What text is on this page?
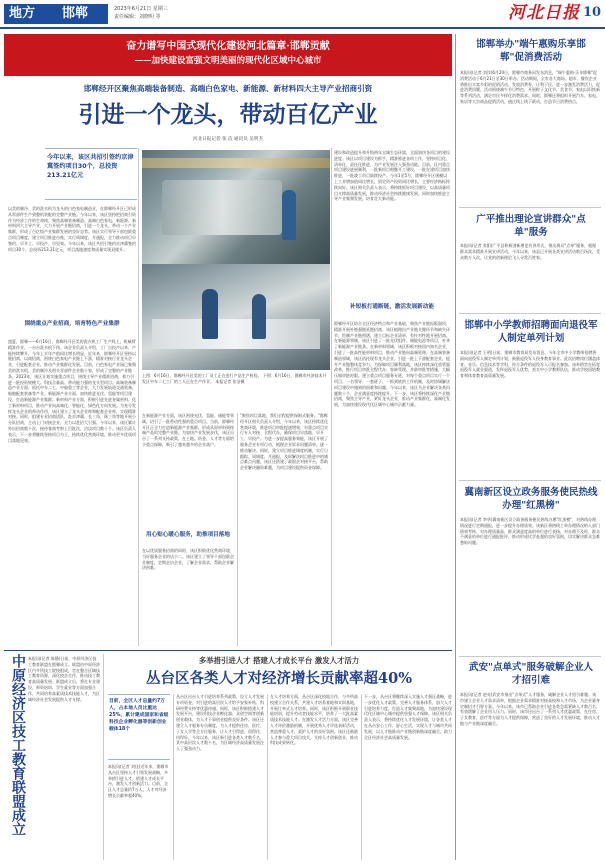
地方 邯郸	2023年6月21日 星期三
责任编辑：刘晓明 等	河北日报 10
奋力谱写中国式现代化建设河北篇章·邯郸贡献
——加快建设富强文明美丽的现代化区域中心城市
邯郸经开区聚焦高端装备制造、高端白色家电、新能源、新材料四大主导产业招商引资
引进一个龙头，带动百亿产业
河北日报记者 张 洁 通讯员 吴明杰
今年以来，该区共招引签约京津冀签约项目30个，总投资213.21亿元
以美的制冷、美的洗衣机为龙头的白色家电制造业，在邯郸经开区已形成从零部件生产到整机装配的完整产业链。今年以来，该区坚持把招商引资作为经济工作的生命线，聚焦高端装备制造、高端白色家电、新能源、新材料四大主导产业，大力开展产业链招商，引进一个龙头，带动一个产业集群，形成了百亿级产业集群发展的良好态势。该区实行领导干部包联重点项目制度，建立项目推进台账，实行周调度、月通报，全力推动项目早签约、早开工、早投产、早见效。今年以来，该区共招引签约京津冀签约项目30个，总投资213.21亿元，项目落地速度和质量实现双提升。
围绕重点产业招商，培育特色产业集群
盛夏，邯郸——6月16日，邯郸经开区美的洗衣机工厂生产线上，机械臂精准作业，一台台洗衣机下线。该企业负责人介绍，工厂自投产以来，产能持续攀升，今年上半年产值同比增长明显。近年来，邯郸经开区坚持以链招商、以商招商，围绕白色家电产业链上下游，精准对接行业龙头企业，引进配套企业，推动产业集群化发展。目前，白色家电产业园已集聚美的洗衣机、美的制冷及相关零部件企业数十家，形成了完整的产业链条。2023年，该区计划实施重点项目，围绕主导产业精准招商，着力引进一批投资规模大、科技含量高、带动能力强的龙头型项目。高端装备制造产业方面，依托中车二七、中船重工等企业，大力发展轨道交通装备、船舶配套装备等产业。新能源产业方面，加快推进光伏、氢能等项目建设，打造新能源产业集群。新材料产业方面，积极引进先进金属材料、化工新材料项目，推动产业向高端化、智能化、绿色化方向发展。为充分发挥龙头企业的带动作用，该区建立了龙头企业库和配套企业库，实现精准对接。同时，组建专业招商团队，赴京津冀、长三角、珠三角等地开展小分队招商，主动上门对接企业，全力以赴招大引强。今年以来，该区累计外出招商数十次，接待客商考察上百批次，洽谈项目数十个。该区负责人表示，下一步将继续坚持项目为王，持续优化营商环境，推动更多优质项目落地见效。
上图：6月16日，邯郸经开区美的工厂员工正在进行产品生产检验。 下图：6月16日，邯郸市经济技术开发区中车二七工厂的工人正在生产作业。 本报记者 张洁摄
建设和改造提升和升级两年全域生态环境，全面加快各项目的建设进度。该区以项目建设为抓手，精准推进各项工作，坚持项目化、清单化、责任化推进，为产业发展注入强劲动能。目前，区内重点项目建设进展顺利，一批新项目相继开工建设，一批在建项目加快推进，一批竣工项目陆续投产。今年1至5月，邯郸经开区规模以上工业增加值同比增长，固定资产投资同比增长，主要经济指标持续向好。该区相关负责人表示，将持续抓好项目建设，以高质量项目支撑高质量发展，推动经济社会持续健康发展。同时加快推进主导产业集聚发展，培育壮大新动能。
补短板打通断链，激活发展新动能
邯郸经开区结合全区经济特点和产业基础，聚焦产业链短板弱项，精准开展补链强链延链招商。该区梳理出产业链关键环节和缺失环节，绘制产业链图谱，建立目标企业清单，有针对性地开展招商。在新能源领域，该区引进了一批光伏组件、储能电池等项目，补齐了新能源产业链条。在新材料领域，该区积极对接国内知名企业，引进了一批高性能材料项目，推动产业链向高端延伸。在高端装备制造领域，该区依托现有龙头企业，引进一批上下游配套企业，提升产业链整体竞争力。为保障项目顺利落地，该区持续深化放管服改革，推行项目审批全程代办、容缺受理、并联审批等措施，大幅压缩审批时限。建立重点项目服务专班，对每个重点项目实行一个项目、一名领导、一套班子、一抓到底的工作机制，及时协调解决项目建设中遇到的困难和问题。今年以来，该区为企业解决各类问题数十个，企业满意度持续提升。下一步，该区将持续深化产业链招商，聚焦主导产业，紧盯龙头企业，推动产业集群化、高端化发展，为加快建设现代化区域中心城市贡献力量。
在新能源产业方面，该区围绕光伏、氢能、储能等领域，招引了一批带动性强的重点项目。当前，邯郸经开区正全力打造新能源产业集群，形成从原材料到终端产品的完整产业链。为加快产业发展步伐，该区出台了一系列支持政策，在土地、资金、人才等方面给予重点保障，吸引了越来越多的企业落户。
用心贴心暖心服务，助推项目落地
在以优质服务招商的同时，该区积极优化营商环境，当好服务企业的店小二。该区建立了领导干部包联企业制度，定期走访企业，了解企业需求，帮助企业解决困难。
"聚焦项目落地，我们全程提供保姆式服务。"邯郸经开区相关负责人介绍，今年以来，该区持续优化营商环境，推进项目审批提速增效，对重点项目实行专人对接、全程代办，确保项目早落地、早开工、早投产。为进一步提高服务效能，该区开展了服务企业专项行动，梳理企业诉求问题清单，逐一推动解决。同时，建立项目推进调度机制，实行日跟踪、周调度、月通报，及时解决项目推进中的堵点难点问题。该区还搭建了政银企对接平台，帮助企业解决融资难题，为项目建设提供资金保障。
邯郸举办"端午惠购乐享邯郸"促消费活动
本报讯(记者 刘洋)6月20日，邯郸市商务局发布消息，"端午惠购·乐享邯郸"促消费活动于6月21日至30日举办。活动期间，全市各大商场、超市、餐饮企业将推出丰富多彩的促销活动，发放消费券，让利于民，进一步激发消费活力，促进消费回暖。活动围绕端午节日特色，开展粽子文化节、美食节、家电以旧换新等系列活动，满足市民多样化消费需求。同时，邯郸还将组织开展汽车、家电、家居等大宗商品促销活动，通过线上线下联动，打造节日消费热点。
广平推出理论宣讲群众"点单"服务
本报讯(记者 张阳)广平县积极创新理论宣讲形式，推出群众"点单"服务，根据群众需求精准开展宣讲活动。今年以来，该县已开展各类宣讲活动数百场次，受众数万人次，让党的创新理论飞入寻常百姓家。
邯郸中小学教师招聘面向退役军人制定单列计划
本报讯(记者 王明)日前，邯郸市教育局发布消息，今年全市中小学教师招聘将面向退役军人制定单列计划，鼓励退役军人投身教育事业。此次招聘岗位涵盖体育、音乐、信息技术等学科，符合条件的退役军人可报名参加。该举措旨在拓宽退役军人就业渠道，发挥退役军人优势，充实中小学教师队伍，推动学校国防教育和体育教育高质量发展。
冀南新区设立政务服务使民热线办理"红黑榜"
本报讯(记者 李华)冀南新区设立政务服务便民热线办理"红黑榜"，对热线办理情况进行定期通报，进一步提升办理质效。该新区将热线工单办理情况纳入部门绩效考核，对办理质量高、群众满意度高的单位进行表扬，对办理不及时、群众不满意的单位进行通报批评，推动形成比学赶超的良好氛围，切实解决群众急难愁盼问题。
武安"点单式"服务破解企业人才招引难
本报讯(记者 赵亮)武安市推出"点单式"人才服务，破解企业人才招引难题。该市建立企业人才需求清单，根据企业需求精准对接高校和人才市场，为企业量身定制招才引智方案。今年以来，该市已帮助企业引进各类急需紧缺人才数百名，有效缓解了企业用人压力。同时，该市还出台了一系列人才优惠政策，在住房、子女教育、医疗等方面为人才提供保障，营造了良好的人才发展环境，推动人才链与产业链深度融合。
中原经济区技工教育联盟成立 本报讯(记者 陈静)日前，中原经济区技工教育联盟在邯郸成立。联盟由中原经济区内多所技工院校组成，旨在整合区域技工教育资源，深化校企合作，推动技工教育高质量发展。联盟成立后，将在专业建设、师资培训、学生就业等方面加强合作，共同培养高素质技术技能人才，为区域经济社会发展提供人才支撑。
多举措引进人才 搭建人才成长平台 激发人才活力
丛台区各类人才对经济增长贡献率超40%
目前，全区人才总量约7万人，占本地人员比重达25%，累计建成国家和省级科技企业孵化器等创新创业载体18个
本报讯(记者 刘佳)近年来，邯郸市丛台区坚持人才引领发展战略，多举措引进人才，搭建人才成长平台，激发人才创新活力。目前，全区人才总量约7万人，人才对经济增长贡献率超40%。
丛台区出台人才引进培养系列政策，设立人才发展专项资金，对引进的高层次人才给予安家补贴、科研经费支持等优惠待遇。同时，该区积极搭建人才发展平台，建设科技企业孵化器、众创空间等创新创业载体，为人才干事创业提供良好条件。该区还建立人才服务专员制度，为人才提供住房、医疗、子女入学等全方位服务，让人才引得进、留得住、用得好。今年以来，该区新引进各类人才数千名，其中高层次人才数十名，为区域经济高质量发展注入了强劲动力。
在人才培养方面，丛台区深化校地合作，与多所高校建立合作关系，共建人才培养基地和实训基地，开展订单式人才培养。同时，该区积极开展职业技能培训，提升劳动者技能水平，培养了一大批高素质技术技能人才。在激发人才活力方面，该区完善人才评价激励机制，开展优秀人才评选表彰活动，营造尊重人才、爱护人才的良好氛围。该区还鼓励人才参与重大项目攻关，支持人才创新创业，推动科技成果转化。
下一步，丛台区将继续深入实施人才强区战略，进一步优化人才政策，完善人才服务体系，加大人才引进培养力度，打造人才集聚高地，为加快建设现代化区域中心城市提供坚强人才保障。该区相关负责人表示，将持续优化人才发展环境，让各类人才在丛台安心工作、舒心生活，实现人才与城市共同发展，以人才链推动产业链创新链深度融合，助力全区经济社会高质量发展。
